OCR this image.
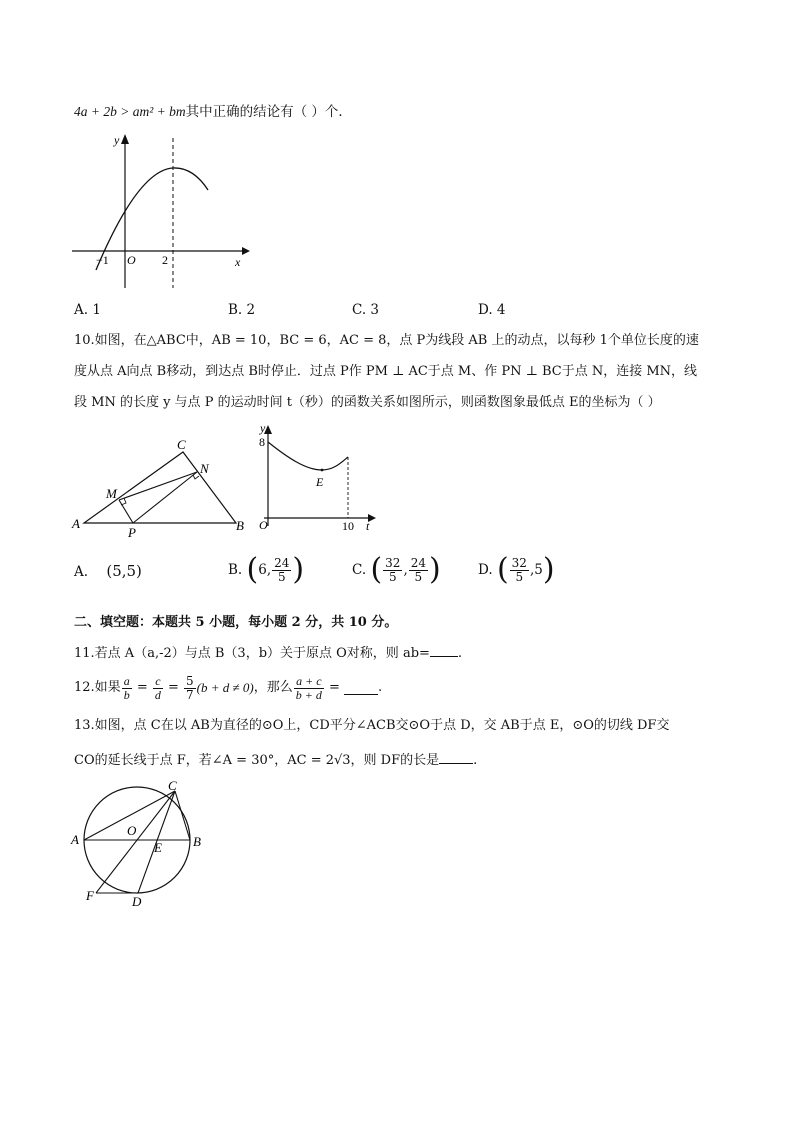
4a + 2b > am² + bm其中正确的结论有（ ）个．
y
x
O
−1	2
A. 1	B. 2	C. 3	D. 4
10.如图，在△ABC中，AB = 10，BC = 6，AC = 8，点 P为线段 AB 上的动点，以每秒 1个单位长度的速
度从点 A向点 B移动，到达点 B时停止．过点 P作 PM ⊥ AC于点 M、作 PN ⊥ BC于点 N，连接 MN，线
段 MN 的长度 y 与点 P 的运动时间 t（秒）的函数关系如图所示，则函数图象最低点 E的坐标为（ ）
A	B
C
M
N
P
y
8
E
O	10 t
A. (5,5)	B. (6, $\frac{24}{5}$ )	C. ( $\frac{32}{5}$ , $\frac{24}{5}$ )	D. ( $\frac{32}{5} ,5$)
二、填空题：本题共 5 小题，每小题 2 分，共 10 分。
11.若点 A（a,-2）与点 B（3，b）关于原点 O对称，则 ab= .
12.如果 $\frac{a}{b} = \frac{c}{d} = \frac{5}{7} (b + d \ne 0)$，那么 $\frac{a + c}{b + d}$ =	.
13.如图，点 C在以 AB为直径的⊙O上，CD平分∠ACB交⊙O于点 D，交 AB于点 E，⊙O的切线 DF交
CO的延长线于点 F，若∠A = 30°，AC = 2√3，则 DF的长是	.
A	B
C
O
E
F	D
